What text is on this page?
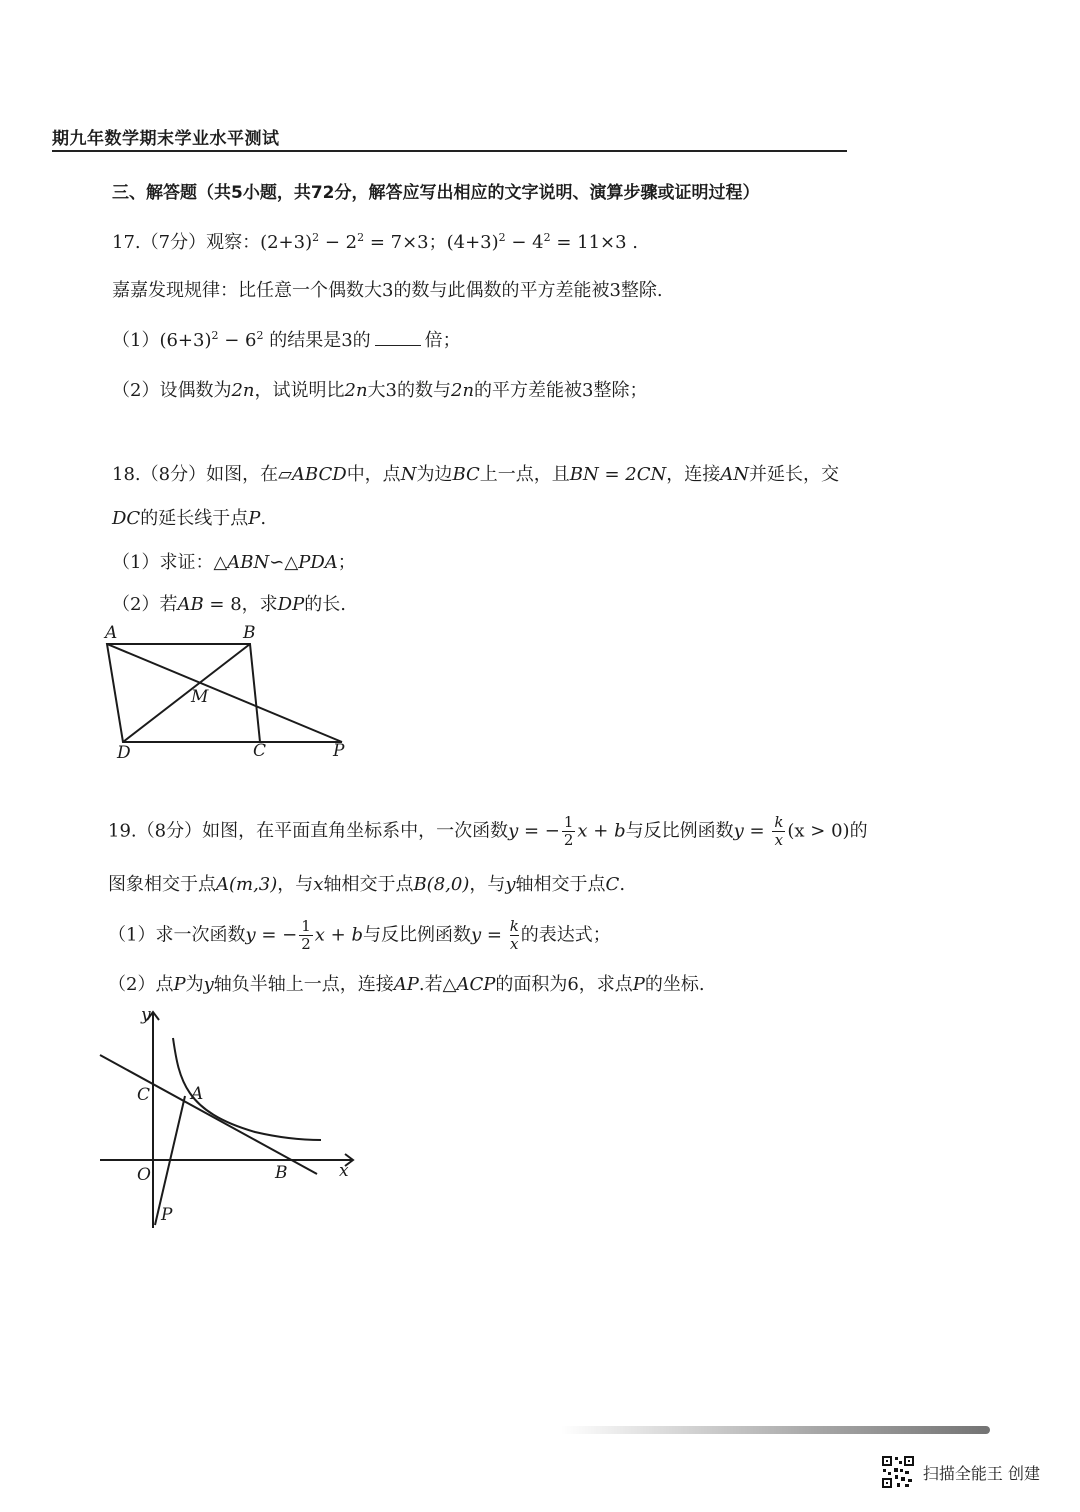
期九年数学期末学业水平测试
三、解答题（共5小题，共72分，解答应写出相应的文字说明、演算步骤或证明过程）
17.（7分）观察：$(2+3)^2 - 2^2 = 7\times 3$；$(4+3)^2 - 4^2 = 11\times 3$ .
嘉嘉发现规律：比任意一个偶数大3的数与此偶数的平方差能被3整除.
$(1)(6+3)^2 - 6^2$ 的结果是3的	倍；
（2）设偶数为2n，试说明比2n大3的数与2n的平方差能被3整除；
18.（8分）如图，在▱ABCD中，点N为边BC上一点，且BN = 2CN，连接AN并延长，交
DC的延长线于点P.
（1）求证：△ABN∽△PDA；
（2）若AB = 8，求DP的长.
A	B
M
D	C	P
19.（8分）如图，在平面直角坐标系中，一次函数y = − $\frac{1}{2}$ x + b与反比例函数$y = \frac{k}{x} (x > 0)$的
图象相交于点A(m,3)，与x轴相交于点B(8,0)，与y轴相交于点C.
（1）求一次函数y = − $\frac{1}{2}$ x + b与反比例函数$y = \frac{k}{x}$ 的表达式；
（2）点P为y轴负半轴上一点，连接AP.若△ACP的面积为6，求点P的坐标.
y
x
C A
O	B
P
扫描全能王 创建
